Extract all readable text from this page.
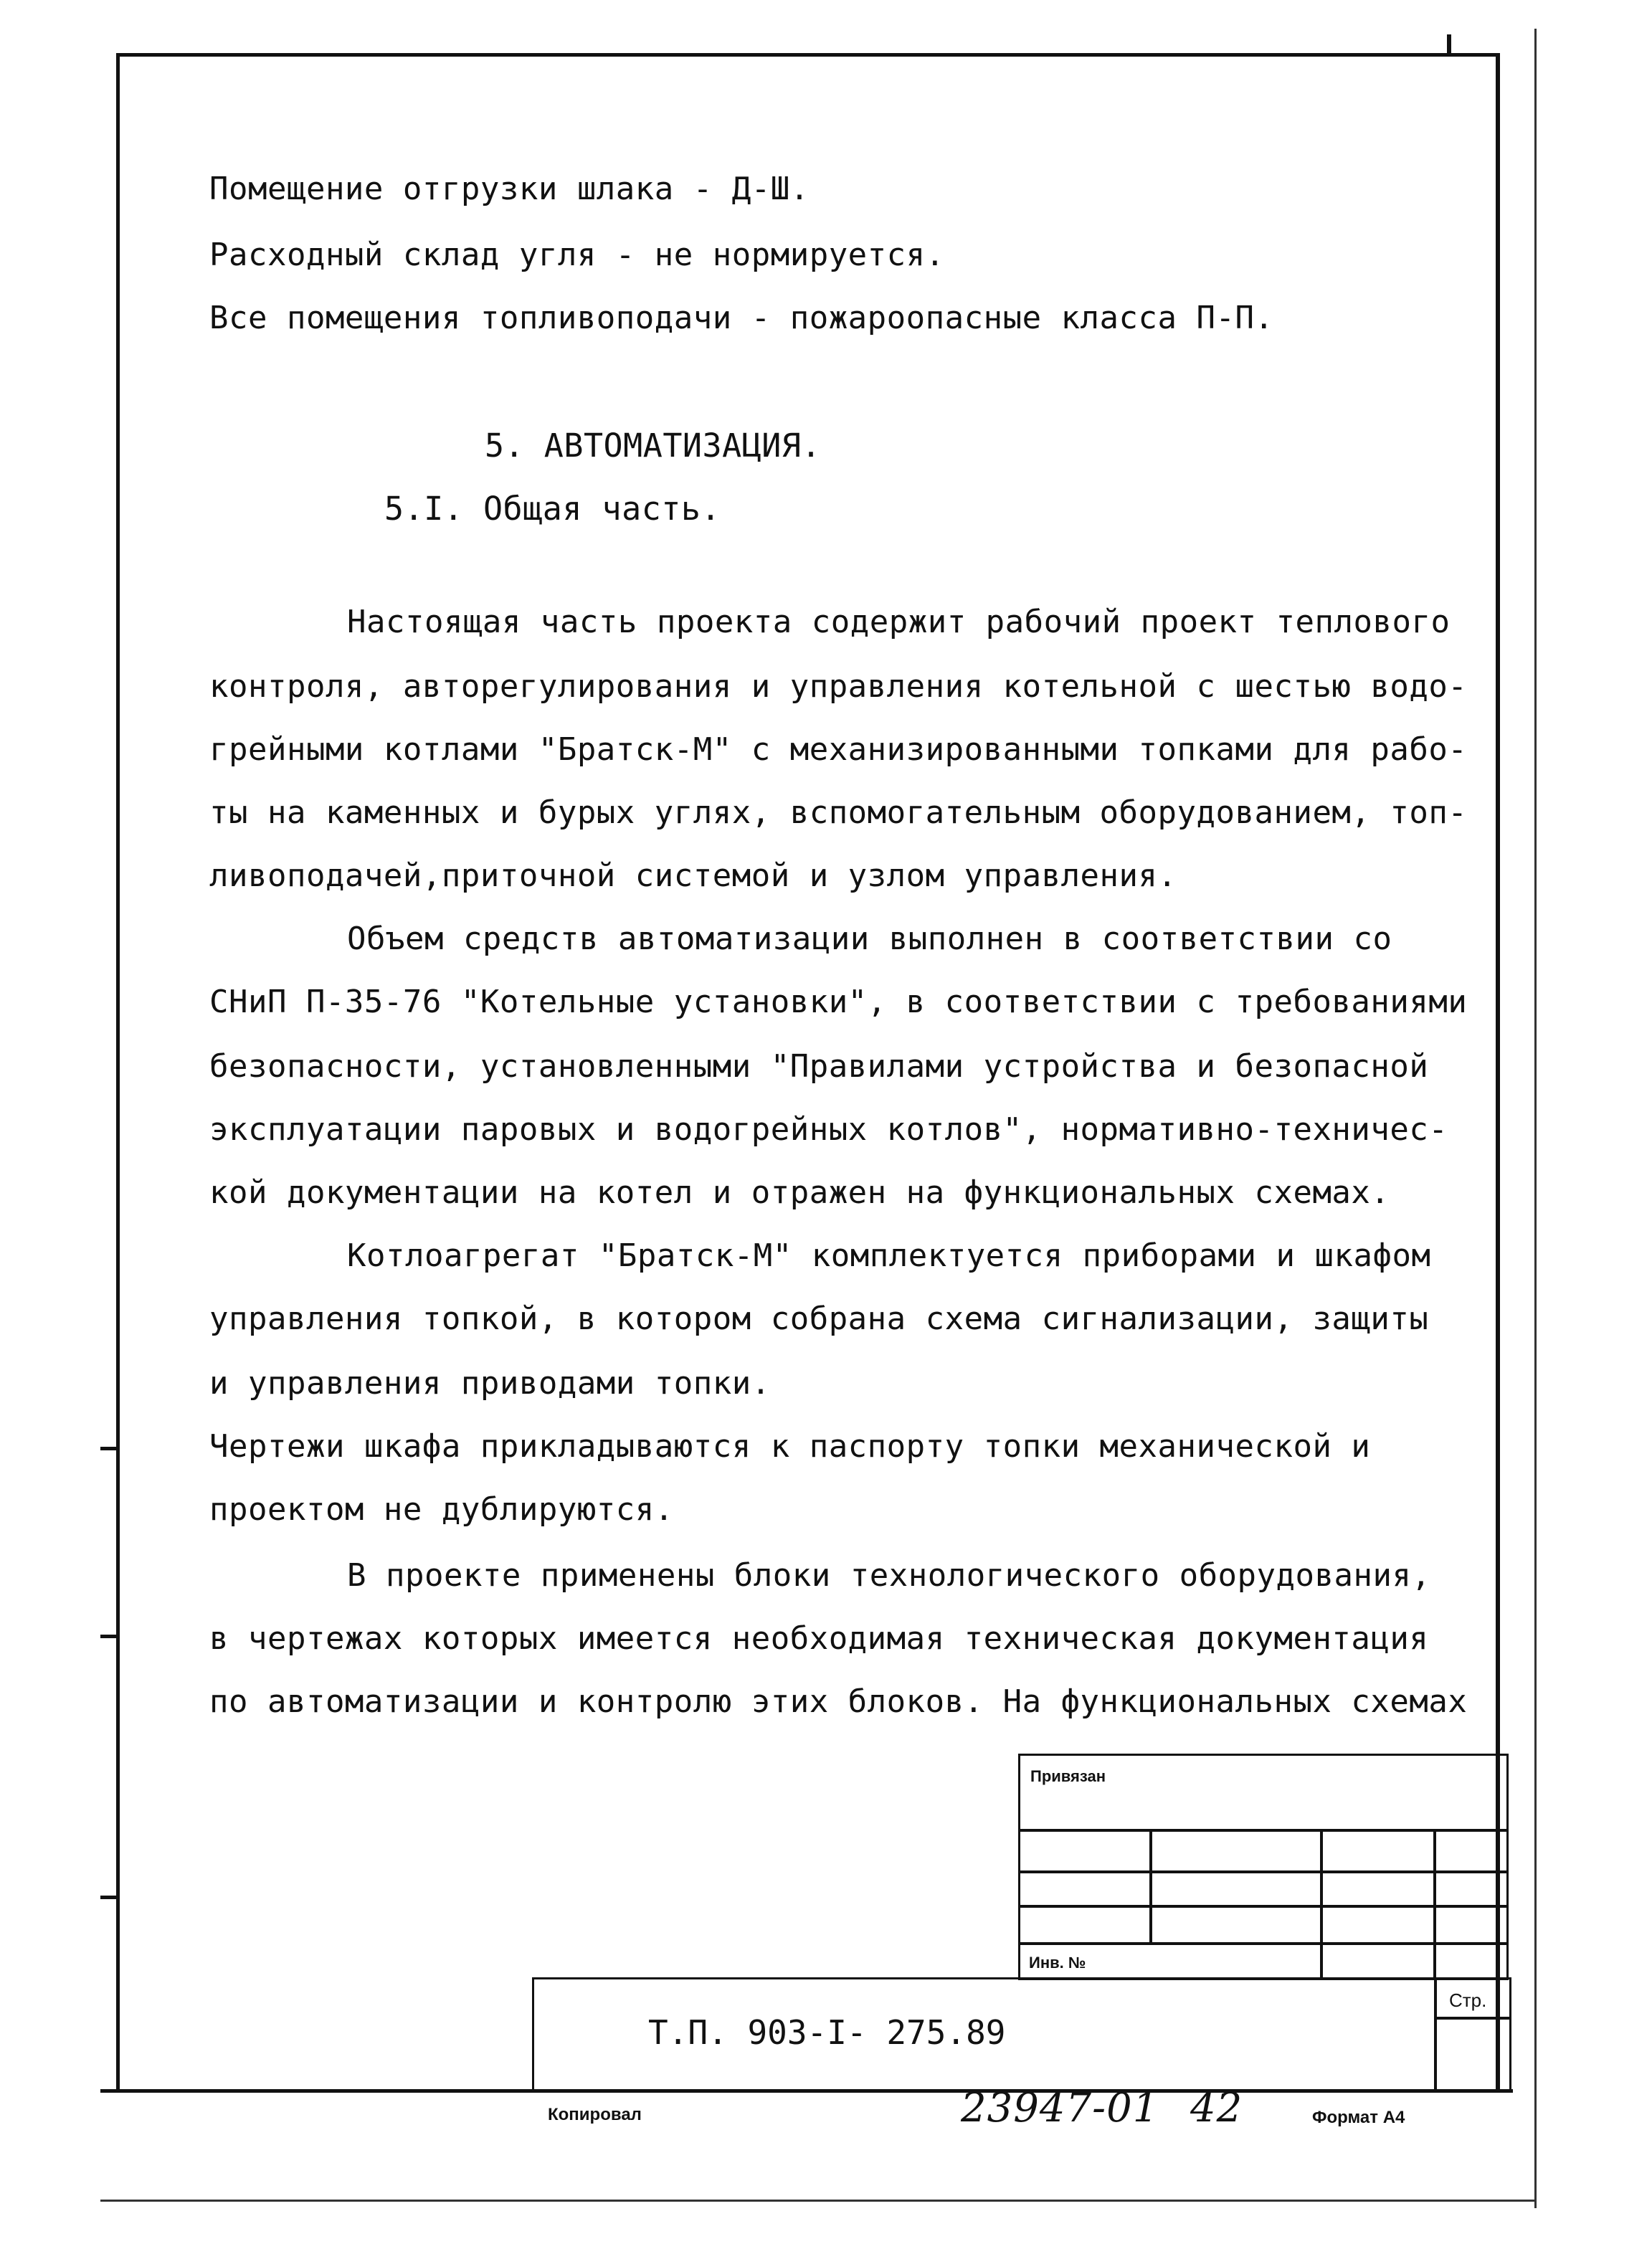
Помещение отгрузки шлака - Д-Ш.
Расходный склад угля - не нормируется.
Все помещения топливоподачи - пожароопасные класса П-П.
5. АВТОМАТИЗАЦИЯ.
5.I. Общая часть.
Настоящая часть проекта содержит рабочий проект теплового
контроля, авторегулирования и управления котельной с шестью водо-
грейными котлами "Братск-М" с механизированными топками для рабо-
ты на каменных и бурых углях, вспомогательным оборудованием, топ-
ливоподачей,приточной системой и узлом управления.
Объем средств автоматизации выполнен в соответствии со
СНиП П-35-76 "Котельные установки", в соответствии с требованиями
безопасности, установленными "Правилами устройства и безопасной
эксплуатации паровых и водогрейных котлов", нормативно-техничес-
кой документации на котел и отражен на функциональных схемах.
Котлоагрегат "Братск-М" комплектуется приборами и шкафом
управления топкой, в котором собрана схема сигнализации, защиты
и управления приводами топки.
Чертежи шкафа прикладываются к паспорту топки механической и
проектом не дублируются.
В проекте применены блоки технологического оборудования,
в чертежах которых имеется необходимая техническая документация
по автоматизации и контролю этих блоков. На функциональных схемах
Привязан
Инв. №
Т.П. 903-I- 275.89
Стр.
Копировал	23947-01 42	Формат А4
